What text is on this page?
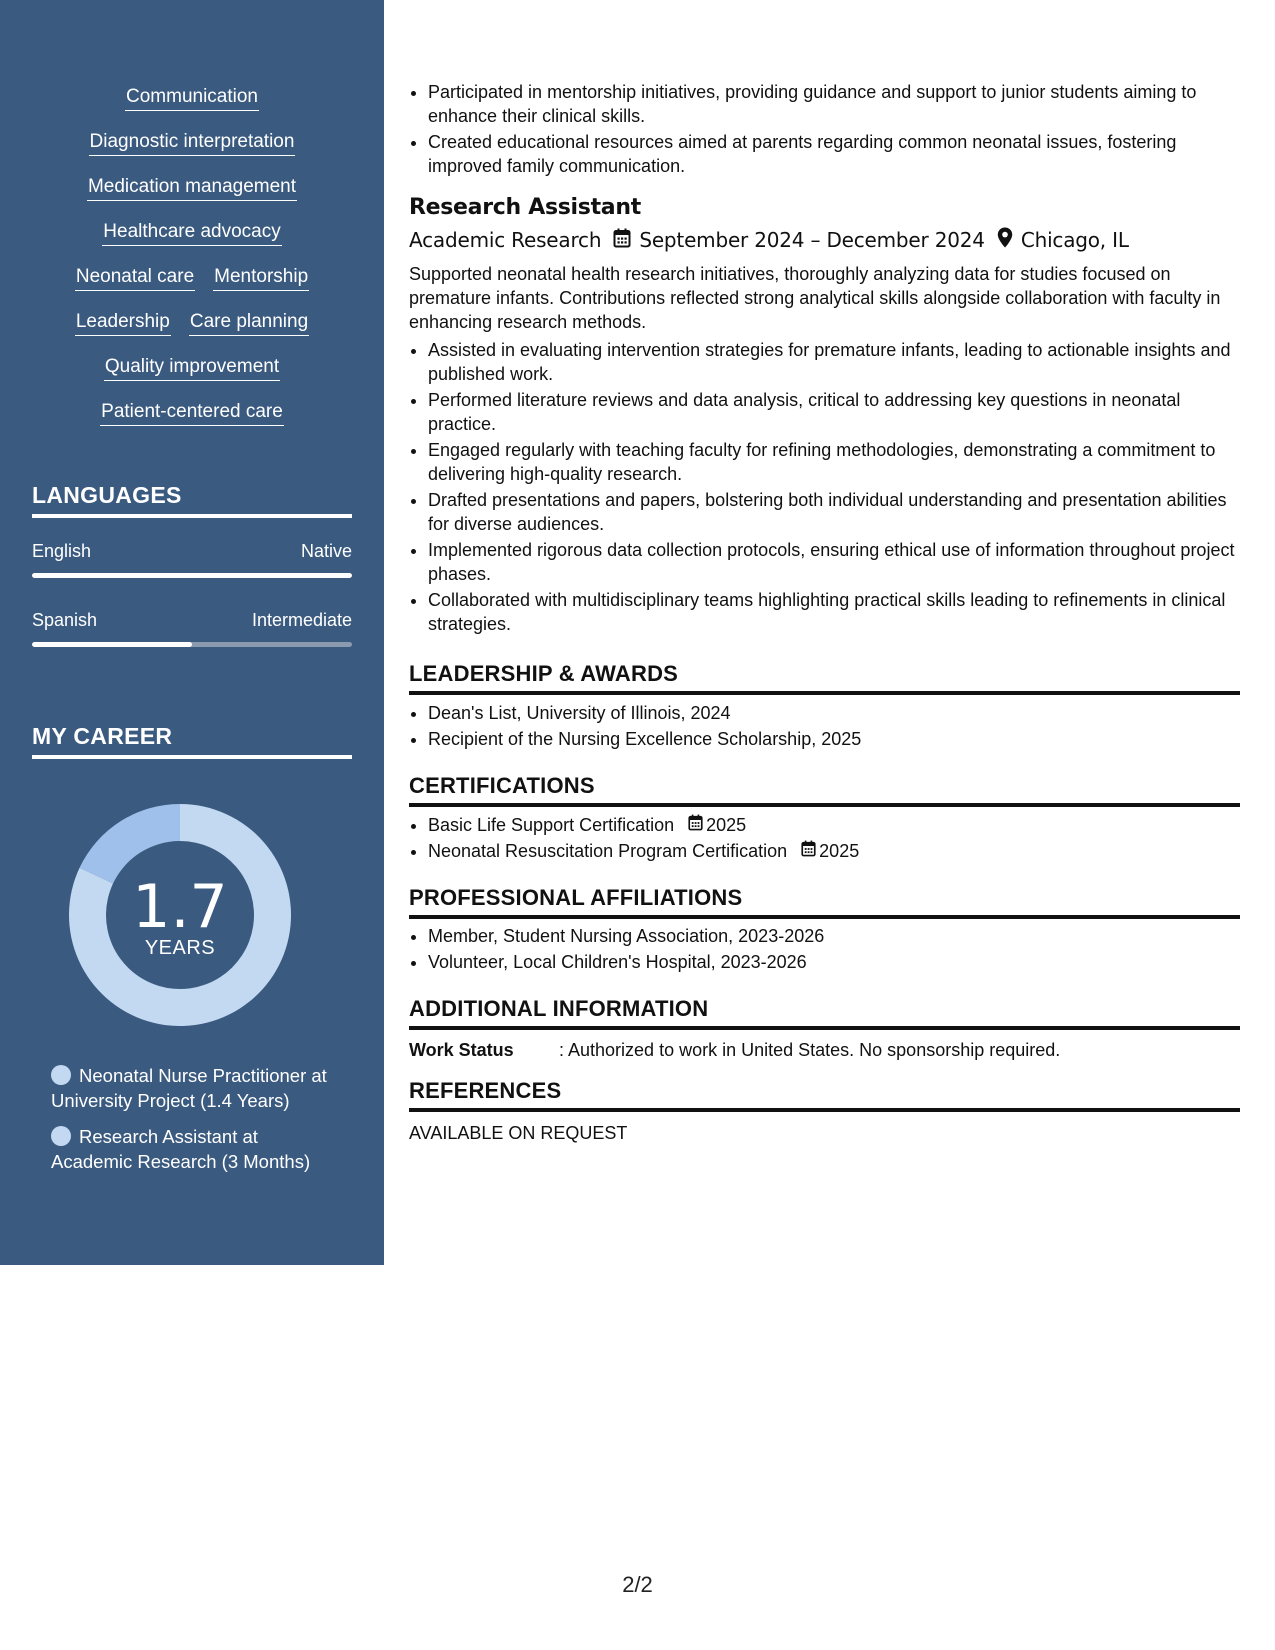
Communication
Diagnostic interpretation
Medication management
Healthcare advocacy
Neonatal care Mentorship
Leadership Care planning
Quality improvement
Patient-centered care
LANGUAGES
English	Native
Spanish	Intermediate
MY CAREER
1.7
YEARS
Neonatal Nurse Practitioner at University Project (1.4 Years)
Research Assistant at Academic Research (3 Months)
• Participated in mentorship initiatives, providing guidance and support to junior students aiming to enhance their clinical skills.
• Created educational resources aimed at parents regarding common neonatal issues, fostering improved family communication.
Research Assistant
Academic Research September 2024 – December 2024 Chicago, IL
Supported neonatal health research initiatives, thoroughly analyzing data for studies focused on premature infants. Contributions reflected strong analytical skills alongside collaboration with faculty in enhancing research methods.
• Assisted in evaluating intervention strategies for premature infants, leading to actionable insights and published work.
• Performed literature reviews and data analysis, critical to addressing key questions in neonatal practice.
• Engaged regularly with teaching faculty for refining methodologies, demonstrating a commitment to delivering high-quality research.
• Drafted presentations and papers, bolstering both individual understanding and presentation abilities for diverse audiences.
• Implemented rigorous data collection protocols, ensuring ethical use of information throughout project phases.
• Collaborated with multidisciplinary teams highlighting practical skills leading to refinements in clinical strategies.
LEADERSHIP & AWARDS
• Dean's List, University of Illinois, 2024
• Recipient of the Nursing Excellence Scholarship, 2025
CERTIFICATIONS
• Basic Life Support Certification 2025
• Neonatal Resuscitation Program Certification 2025
PROFESSIONAL AFFILIATIONS
• Member, Student Nursing Association, 2023-2026
• Volunteer, Local Children's Hospital, 2023-2026
ADDITIONAL INFORMATION
Work Status	: Authorized to work in United States. No sponsorship required.
REFERENCES
AVAILABLE ON REQUEST
2/2
